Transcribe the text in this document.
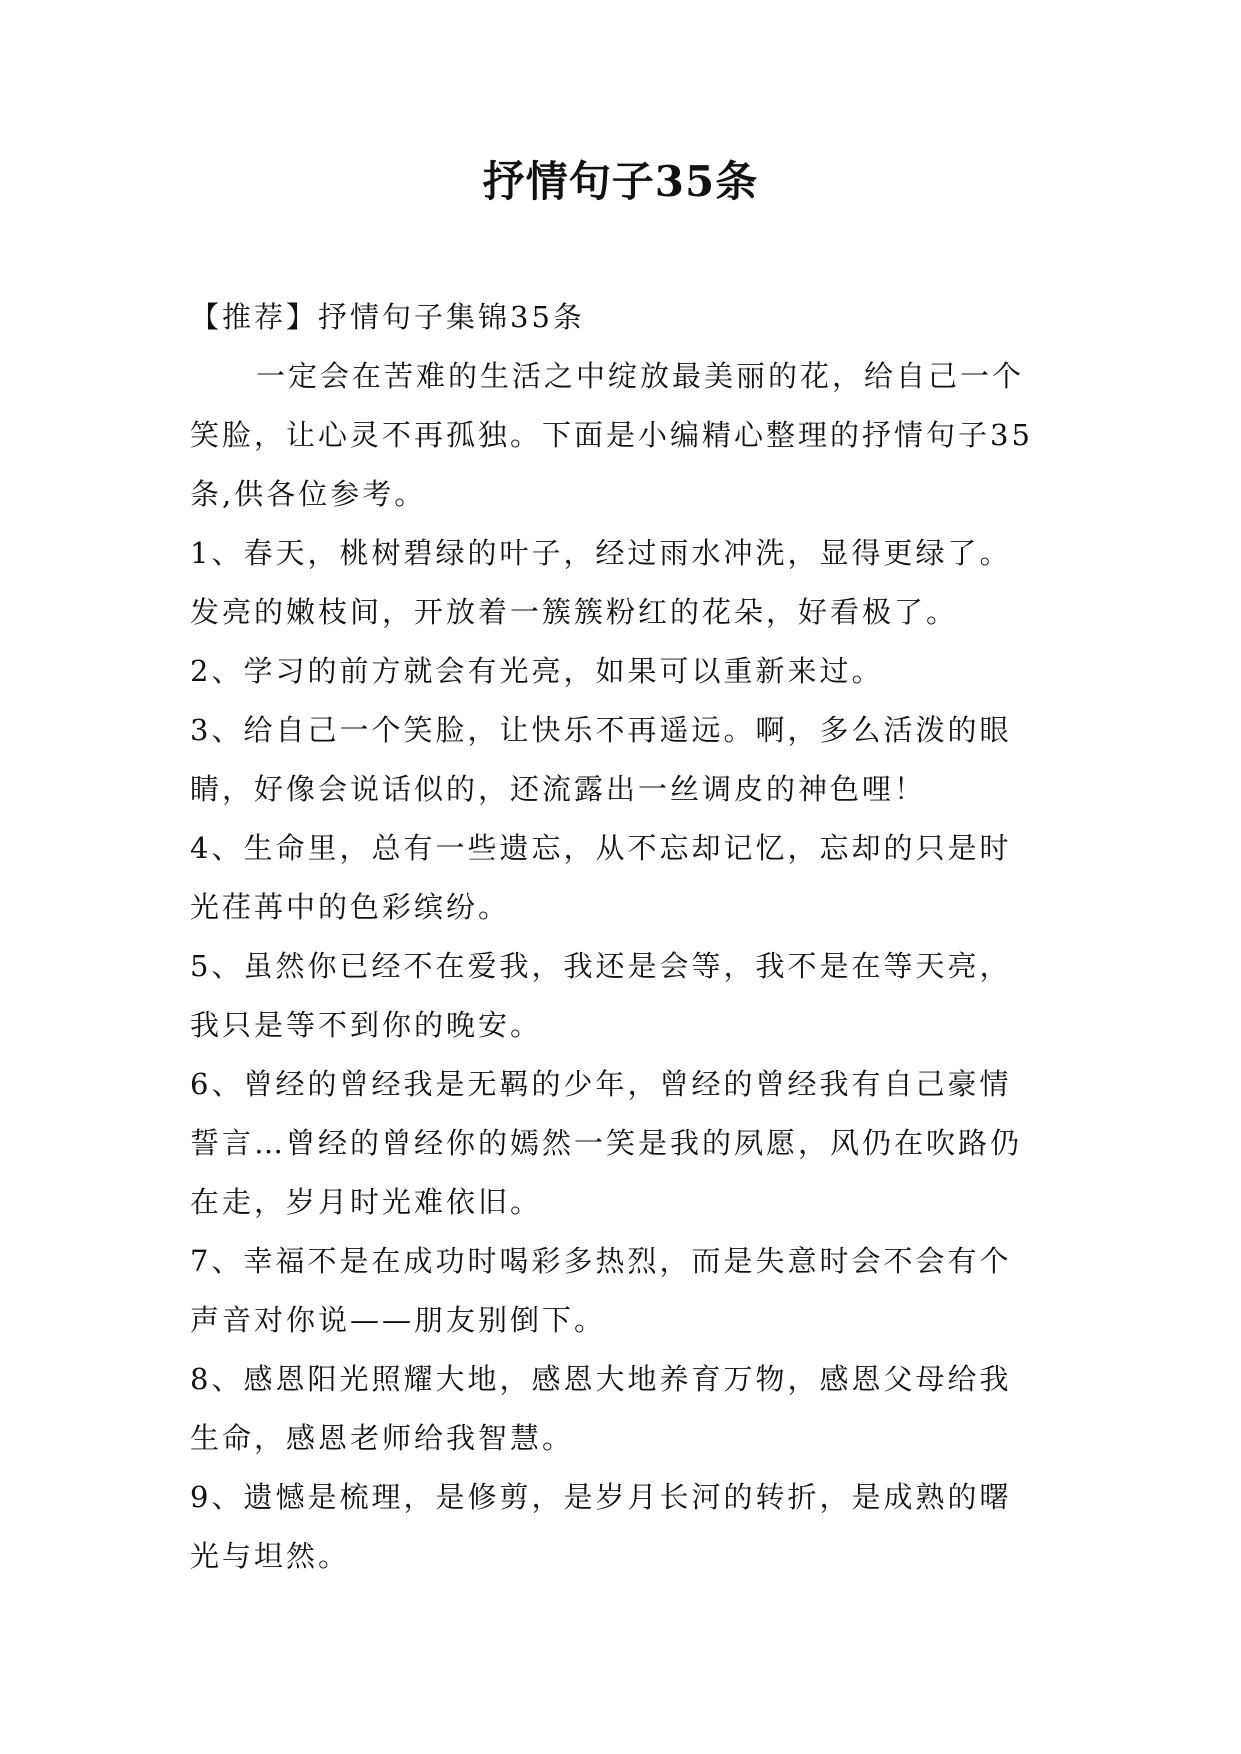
抒情句子35条
【推荐】抒情句子集锦35条
一定会在苦难的生活之中绽放最美丽的花，给自己一个
笑脸，让心灵不再孤独。下面是小编精心整理的抒情句子35
条,供各位参考。
1、春天，桃树碧绿的叶子，经过雨水冲洗，显得更绿了。
发亮的嫩枝间，开放着一簇簇粉红的花朵，好看极了。
2、学习的前方就会有光亮，如果可以重新来过。
3、给自己一个笑脸，让快乐不再遥远。啊，多么活泼的眼
睛，好像会说话似的，还流露出一丝调皮的神色哩！
4、生命里，总有一些遗忘，从不忘却记忆，忘却的只是时
光荏苒中的色彩缤纷。
5、虽然你已经不在爱我，我还是会等，我不是在等天亮，
我只是等不到你的晚安。
6、曾经的曾经我是无羁的少年，曾经的曾经我有自己豪情
誓言…曾经的曾经你的嫣然一笑是我的夙愿，风仍在吹路仍
在走，岁月时光难依旧。
7、幸福不是在成功时喝彩多热烈，而是失意时会不会有个
声音对你说——朋友别倒下。
8、感恩阳光照耀大地，感恩大地养育万物，感恩父母给我
生命，感恩老师给我智慧。
9、遗憾是梳理，是修剪，是岁月长河的转折，是成熟的曙
光与坦然。
